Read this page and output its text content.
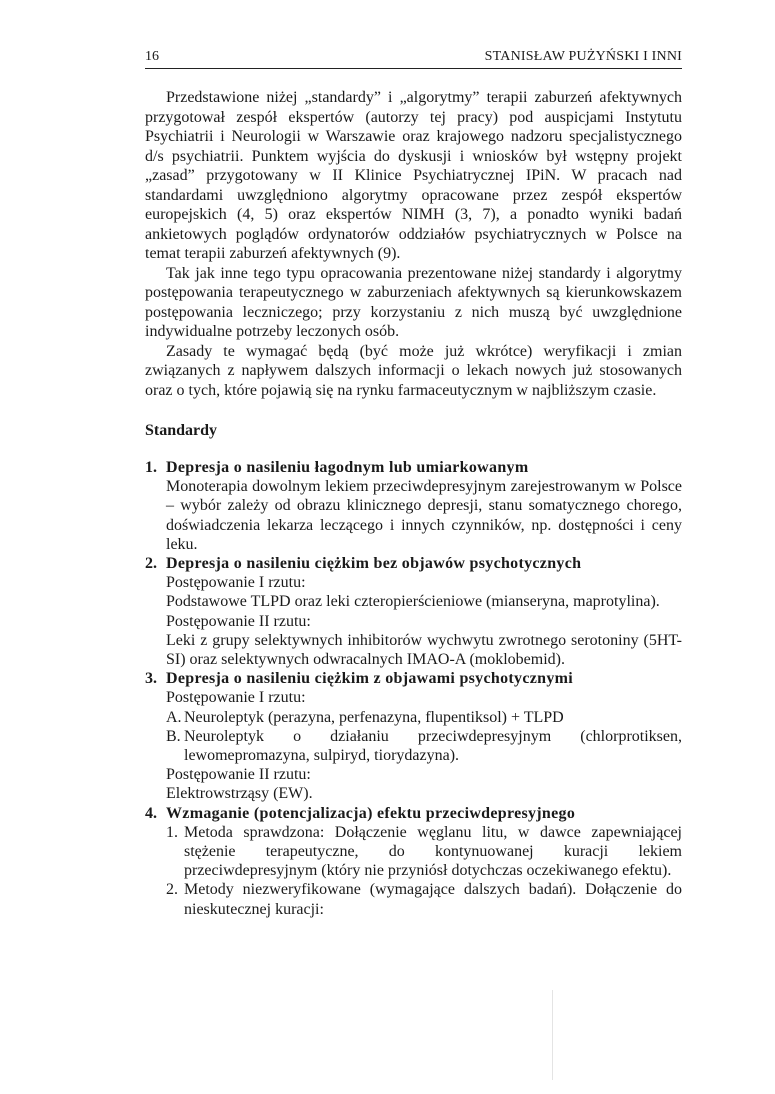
16	STANISŁAW PUŻYŃSKI I INNI

Przedstawione niżej „standardy” i „algorytmy” terapii zaburzeń afektywnych przygotował zespół ekspertów (autorzy tej pracy) pod auspicjami Instytutu Psychiatrii i Neurologii w Warszawie oraz krajowego nadzoru specjalistycznego d/s psychiatrii. Punktem wyjścia do dyskusji i wniosków był wstępny projekt „zasad” przygotowany w II Klinice Psychiatrycznej IPiN. W pracach nad standardami uwzględniono algorytmy opracowane przez zespół ekspertów europejskich (4, 5) oraz ekspertów NIMH (3, 7), a ponadto wyniki badań ankietowych poglądów ordynatorów oddziałów psychiatrycznych w Polsce na temat terapii zaburzeń afektywnych (9).

Tak jak inne tego typu opracowania prezentowane niżej standardy i algorytmy postępowania terapeutycznego w zaburzeniach afektywnych są kierunkowskazem postępowania leczniczego; przy korzystaniu z nich muszą być uwzględnione indywidualne potrzeby leczonych osób.

Zasady te wymagać będą (być może już wkrótce) weryfikacji i zmian związanych z napływem dalszych informacji o lekach nowych już stosowanych oraz o tych, które pojawią się na rynku farmaceutycznym w najbliższym czasie.

Standardy
1. Depresja o nasileniu łagodnym lub umiarkowanym

Monoterapia dowolnym lekiem przeciwdepresyjnym zarejestrowanym w Polsce – wybór zależy od obrazu klinicznego depresji, stanu somatycznego chorego, doświadczenia lekarza leczącego i innych czynników, np. dostępności i ceny leku.

2. Depresja o nasileniu ciężkim bez objawów psychotycznych

Postępowanie I rzutu:

Podstawowe TLPD oraz leki czteropierścieniowe (mianseryna, maprotylina).

Postępowanie II rzutu:

Leki z grupy selektywnych inhibitorów wychwytu zwrotnego serotoniny (5HT-SI) oraz selektywnych odwracalnych IMAO-A (moklobemid).

3. Depresja o nasileniu ciężkim z objawami psychotycznymi

Postępowanie I rzutu:

A. Neuroleptyk (perazyna, perfenazyna, flupentiksol) + TLPD
B. Neuroleptyk o działaniu przeciwdepresyjnym (chlorprotiksen, lewomepromazyna, sulpiryd, tiorydazyna).

Postępowanie II rzutu:

Elektrowstrząsy (EW).

4. Wzmaganie (potencjalizacja) efektu przeciwdepresyjnego
1. Metoda sprawdzona: Dołączenie węglanu litu, w dawce zapewniającej stężenie terapeutyczne, do kontynuowanej kuracji lekiem przeciwdepresyjnym (który nie przyniósł dotychczas oczekiwanego efektu).
2. Metody niezweryfikowane (wymagające dalszych badań). Dołączenie do nieskutecznej kuracji:
